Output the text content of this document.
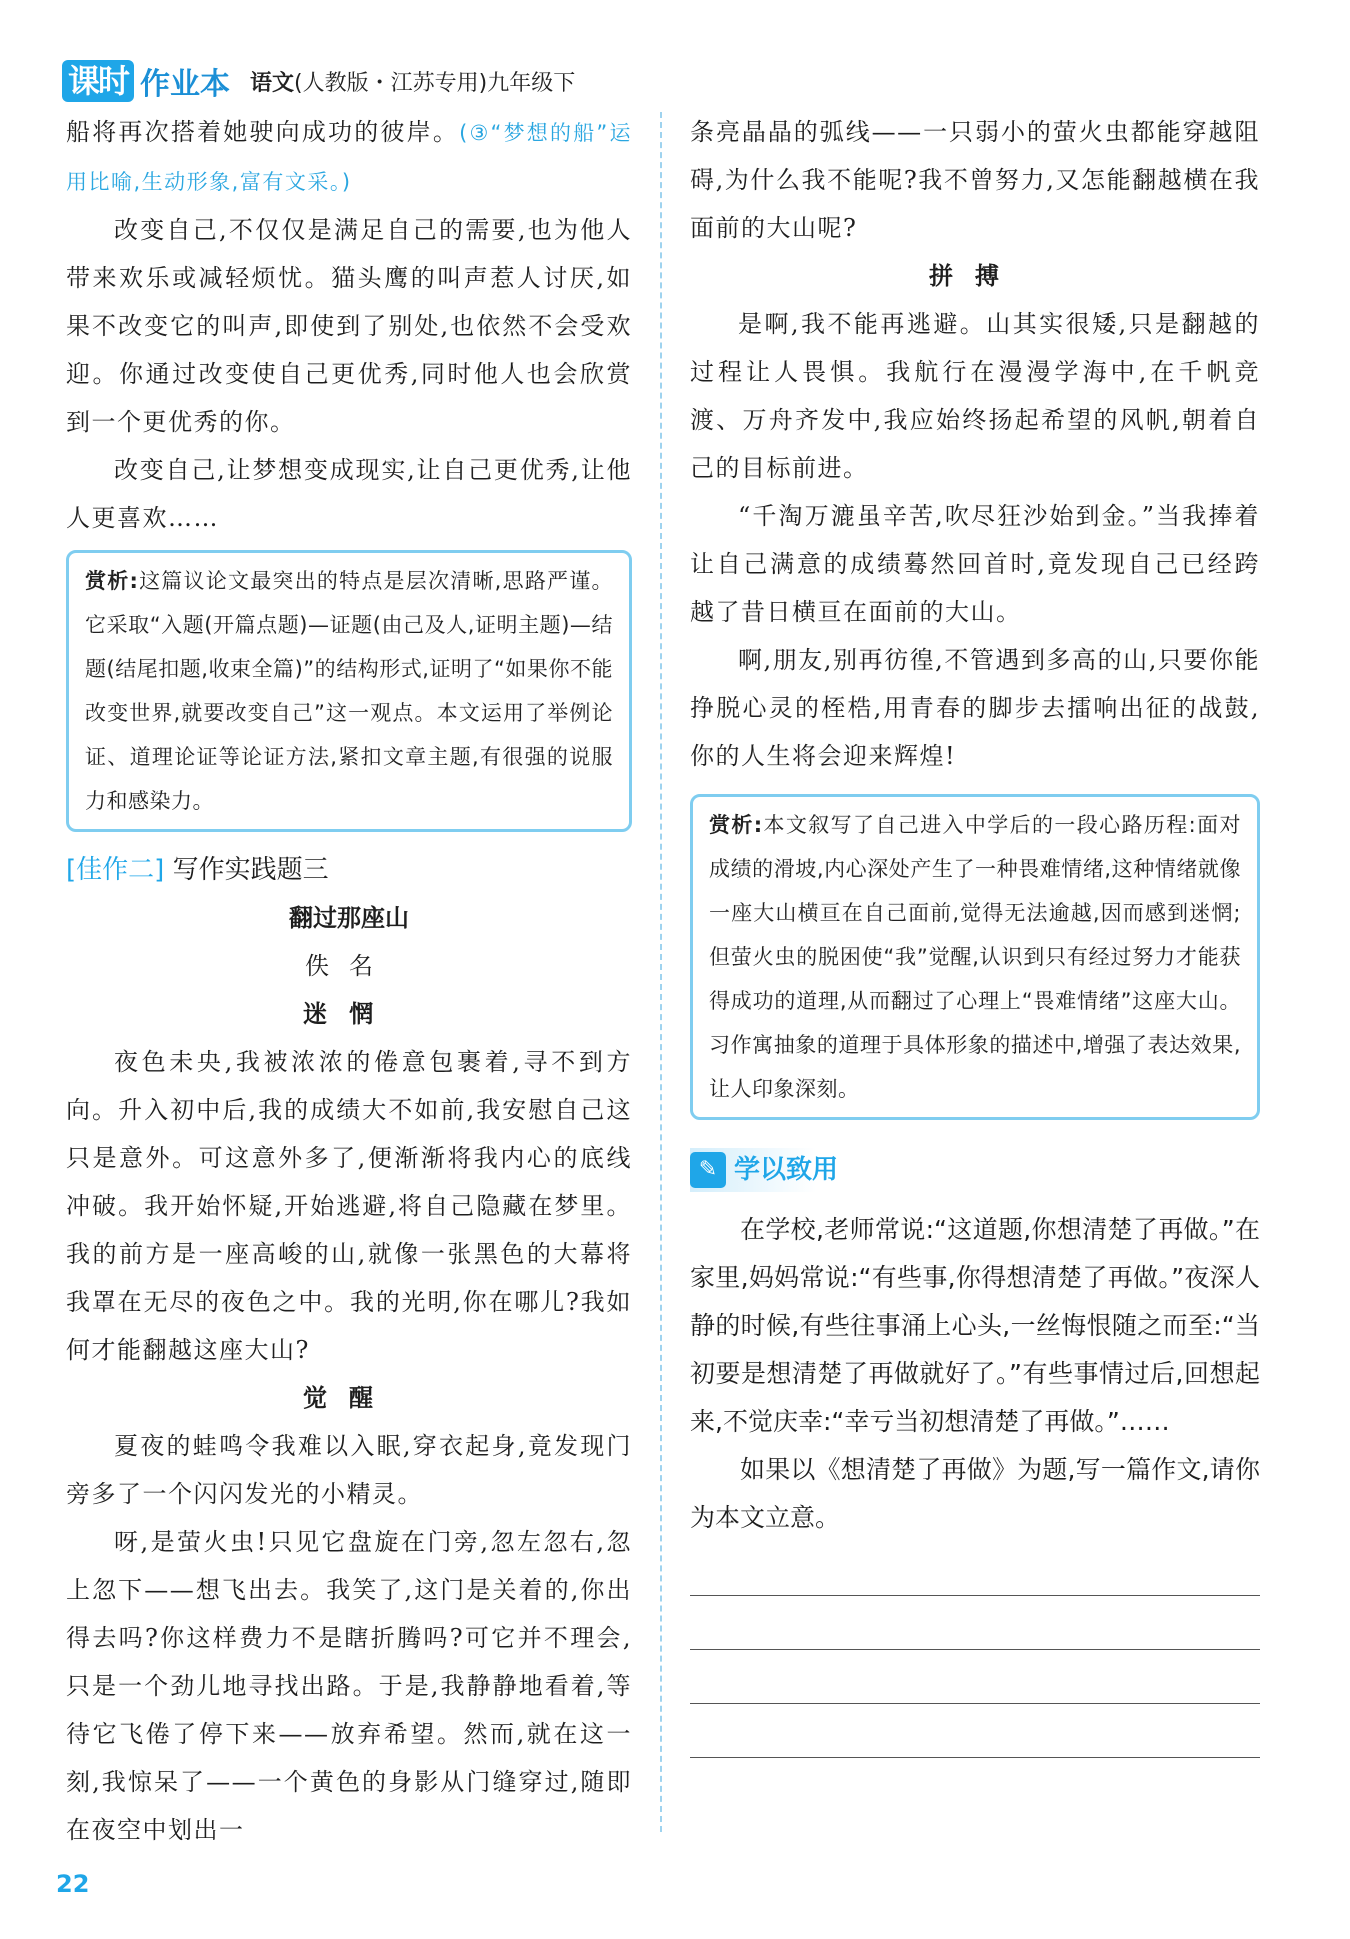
课时 作业本 语文(人教版・江苏专用)九年级下

船将再次搭着她驶向成功的彼岸。(③“梦想的船”运用比喻,生动形象,富有文采。)

改变自己,不仅仅是满足自己的需要,也为他人带来欢乐或减轻烦忧。猫头鹰的叫声惹人讨厌,如果不改变它的叫声,即使到了别处,也依然不会受欢迎。你通过改变使自己更优秀,同时他人也会欣赏到一个更优秀的你。

改变自己,让梦想变成现实,让自己更优秀,让他人更喜欢……

赏析:这篇议论文最突出的特点是层次清晰,思路严谨。它采取“入题(开篇点题)—证题(由己及人,证明主题)—结题(结尾扣题,收束全篇)”的结构形式,证明了“如果你不能改变世界,就要改变自己”这一观点。本文运用了举例论证、道理论证等论证方法,紧扣文章主题,有很强的说服力和感染力。
[佳作二] 写作实践题三
翻过那座山
佚名
迷惘

夜色未央,我被浓浓的倦意包裹着,寻不到方向。升入初中后,我的成绩大不如前,我安慰自己这只是意外。可这意外多了,便渐渐将我内心的底线冲破。我开始怀疑,开始逃避,将自己隐藏在梦里。我的前方是一座高峻的山,就像一张黑色的大幕将我罩在无尽的夜色之中。我的光明,你在哪儿?我如何才能翻越这座大山?

觉醒

夏夜的蛙鸣令我难以入眠,穿衣起身,竟发现门旁多了一个闪闪发光的小精灵。

呀,是萤火虫!只见它盘旋在门旁,忽左忽右,忽上忽下——想飞出去。我笑了,这门是关着的,你出得去吗?你这样费力不是瞎折腾吗?可它并不理会,只是一个劲儿地寻找出路。于是,我静静地看着,等待它飞倦了停下来——放弃希望。然而,就在这一刻,我惊呆了——一个黄色的身影从门缝穿过,随即在夜空中划出一

条亮晶晶的弧线——一只弱小的萤火虫都能穿越阻碍,为什么我不能呢?我不曾努力,又怎能翻越横在我面前的大山呢?

拼搏

是啊,我不能再逃避。山其实很矮,只是翻越的过程让人畏惧。我航行在漫漫学海中,在千帆竞渡、万舟齐发中,我应始终扬起希望的风帆,朝着自己的目标前进。

“千淘万漉虽辛苦,吹尽狂沙始到金。”当我捧着让自己满意的成绩蓦然回首时,竟发现自己已经跨越了昔日横亘在面前的大山。

啊,朋友,别再彷徨,不管遇到多高的山,只要你能挣脱心灵的桎梏,用青春的脚步去擂响出征的战鼓,你的人生将会迎来辉煌!

赏析:本文叙写了自己进入中学后的一段心路历程:面对成绩的滑坡,内心深处产生了一种畏难情绪,这种情绪就像一座大山横亘在自己面前,觉得无法逾越,因而感到迷惘;但萤火虫的脱困使“我”觉醒,认识到只有经过努力才能获得成功的道理,从而翻过了心理上“畏难情绪”这座大山。习作寓抽象的道理于具体形象的描述中,增强了表达效果,让人印象深刻。
✎ 学以致用

在学校,老师常说:“这道题,你想清楚了再做。”在家里,妈妈常说:“有些事,你得想清楚了再做。”夜深人静的时候,有些往事涌上心头,一丝悔恨随之而至:“当初要是想清楚了再做就好了。”有些事情过后,回想起来,不觉庆幸:“幸亏当初想清楚了再做。”……

如果以《想清楚了再做》为题,写一篇作文,请你为本文立意。

22
